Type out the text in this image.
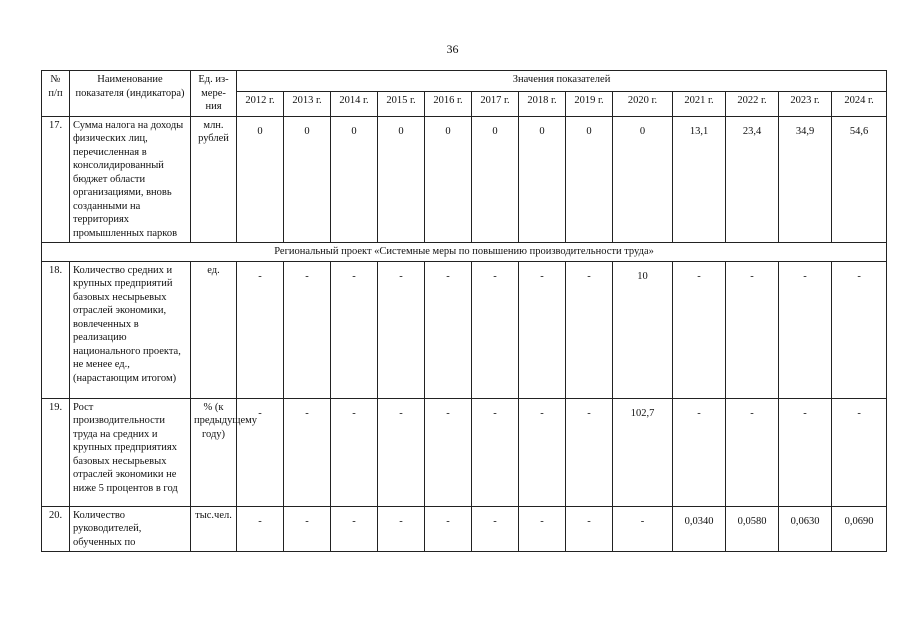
36
№ п/п	Наименование показателя (индикатора)	Ед. из-мере-ния	Значения показателей												
			2012 г.	2013 г.	2014 г.	2015 г.	2016 г.	2017 г.	2018 г.	2019 г.	2020 г.	2021 г.	2022 г.	2023 г.	2024 г.
17.	Сумма налога на доходы физических лиц, перечисленная в консолидированный бюджет области организациями, вновь созданными на территориях промышленных парков	млн. рублей	0	0	0	0	0	0	0	0	0	13,1	23,4	34,9	54,6
Региональный проект «Системные меры по повышению производительности труда»															
18.	Количество средних и крупных предприятий базовых несырьевых отраслей экономики, вовлеченных в реализацию национального проекта, не менее ед., (нарастающим итогом)	ед.	-	-	-	-	-	-	-	-	10	-	-	-	-
19.	Рост производительности труда на средних и крупных предприятиях базовых несырьевых отраслей экономики не ниже 5 процентов в год	% (к предыдущему году)	-	-	-	-	-	-	-	-	102,7	-	-	-	-
20.	Количество руководителей, обученных по	тыс.чел.	-	-	-	-	-	-	-	-	-	0,0340	0,0580	0,0630	0,0690
